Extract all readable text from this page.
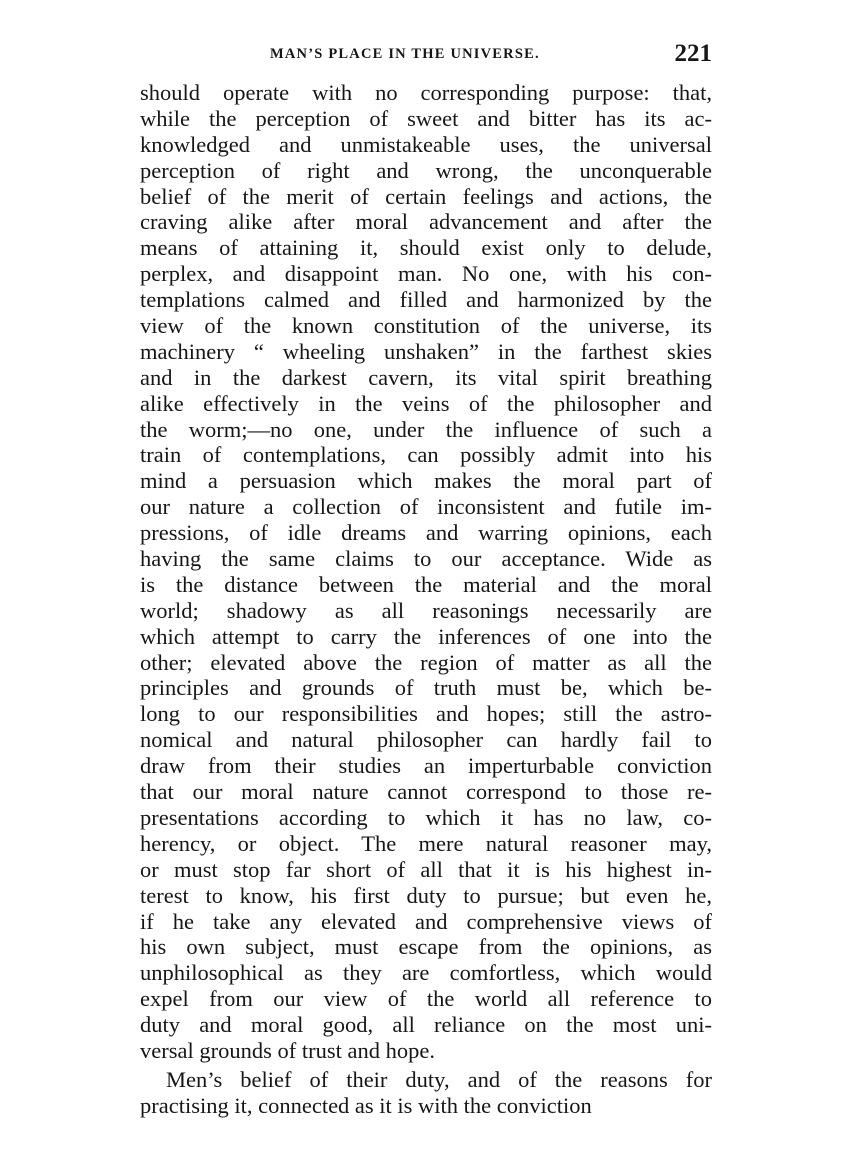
MAN’S PLACE IN THE UNIVERSE.	221
should operate with no corresponding purpose: that,
while the perception of sweet and bitter has its ac-
knowledged and unmistakeable uses, the universal
perception of right and wrong, the unconquerable
belief of the merit of certain feelings and actions, the
craving alike after moral advancement and after the
means of attaining it, should exist only to delude,
perplex, and disappoint man. No one, with his con-
templations calmed and filled and harmonized by the
view of the known constitution of the universe, its
machinery “ wheeling unshaken” in the farthest skies
and in the darkest cavern, its vital spirit breathing
alike effectively in the veins of the philosopher and
the worm;—no one, under the influence of such a
train of contemplations, can possibly admit into his
mind a persuasion which makes the moral part of
our nature a collection of inconsistent and futile im-
pressions, of idle dreams and warring opinions, each
having the same claims to our acceptance. Wide as
is the distance between the material and the moral
world; shadowy as all reasonings necessarily are
which attempt to carry the inferences of one into the
other; elevated above the region of matter as all the
principles and grounds of truth must be, which be-
long to our responsibilities and hopes; still the astro-
nomical and natural philosopher can hardly fail to
draw from their studies an imperturbable conviction
that our moral nature cannot correspond to those re-
presentations according to which it has no law, co-
herency, or object. The mere natural reasoner may,
or must stop far short of all that it is his highest in-
terest to know, his first duty to pursue; but even he,
if he take any elevated and comprehensive views of
his own subject, must escape from the opinions, as
unphilosophical as they are comfortless, which would
expel from our view of the world all reference to
duty and moral good, all reliance on the most uni-
versal grounds of trust and hope.
Men’s belief of their duty, and of the reasons for
practising it, connected as it is with the conviction
